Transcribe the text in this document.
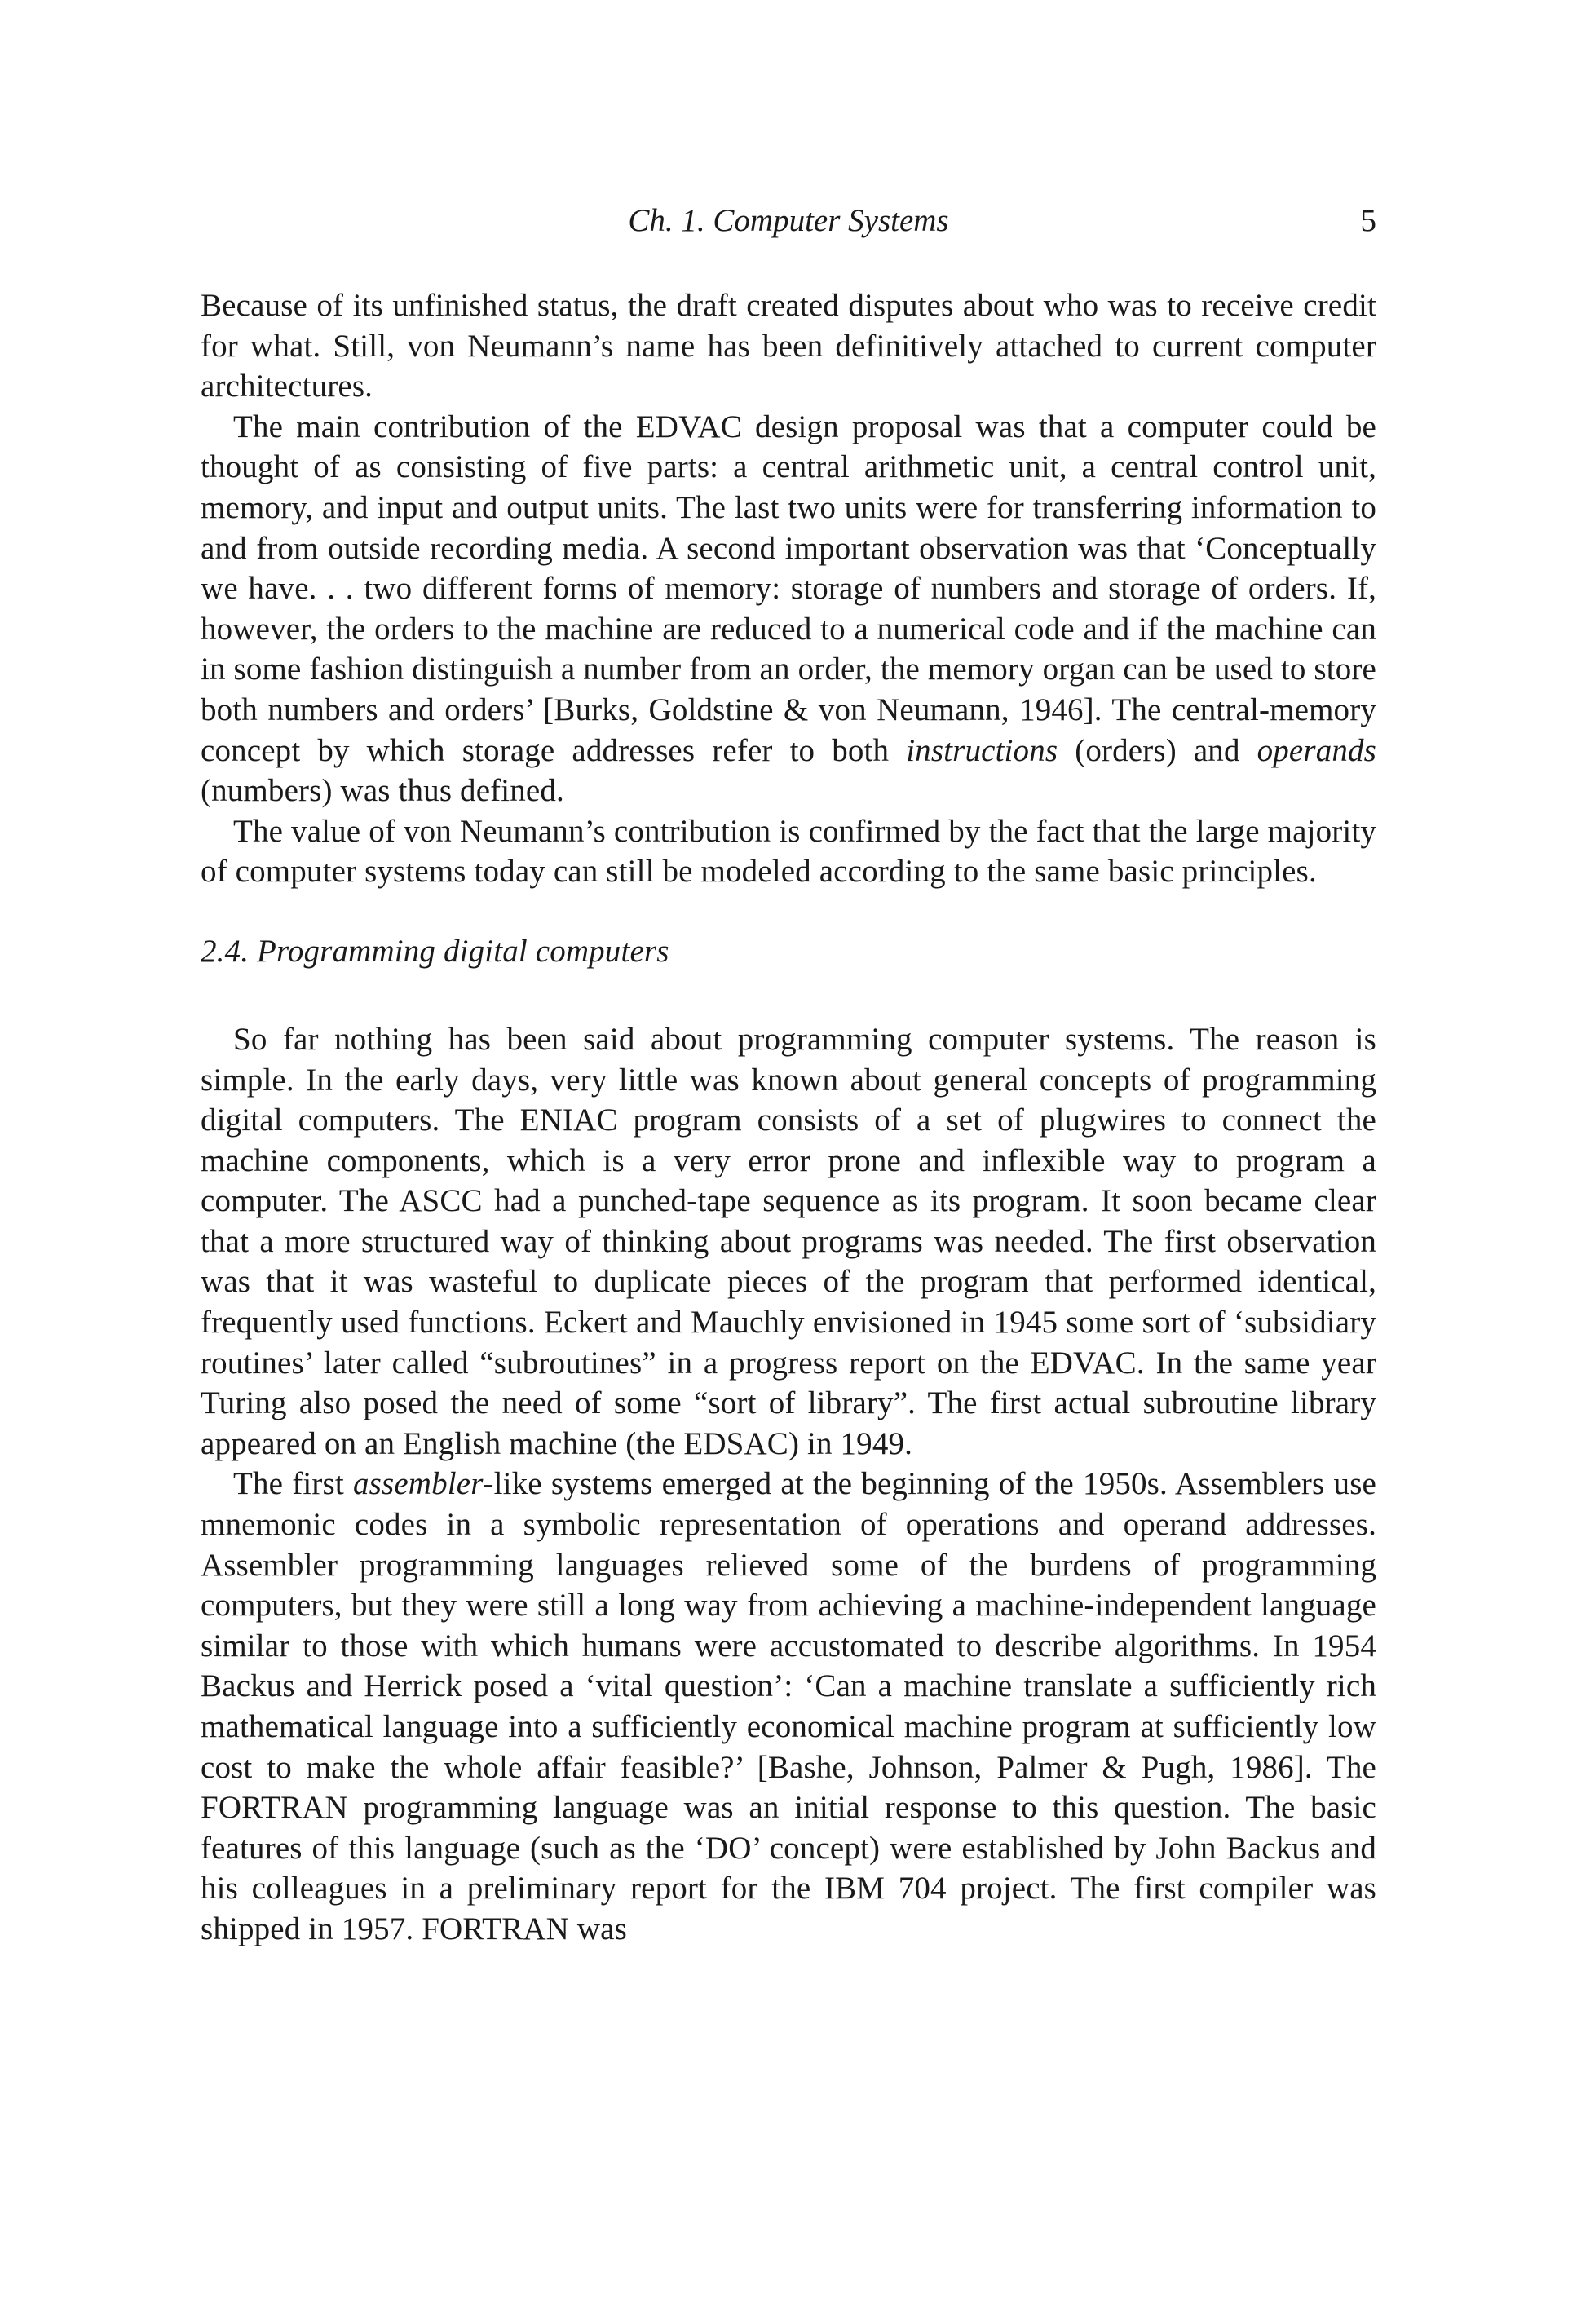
Ch. 1. Computer Systems	5

Because of its unfinished status, the draft created disputes about who was to receive credit for what. Still, von Neumann’s name has been definitively attached to current computer architectures.

The main contribution of the EDVAC design proposal was that a computer could be thought of as consisting of five parts: a central arithmetic unit, a central control unit, memory, and input and output units. The last two units were for transferring information to and from outside recording media. A second important observation was that ‘Conceptually we have. . . two different forms of memory: storage of numbers and storage of orders. If, however, the orders to the machine are reduced to a numerical code and if the machine can in some fashion distinguish a number from an order, the memory organ can be used to store both numbers and orders’ [Burks, Goldstine & von Neumann, 1946]. The central-memory concept by which storage addresses refer to both instructions (orders) and operands (numbers) was thus defined.

The value of von Neumann’s contribution is confirmed by the fact that the large majority of computer systems today can still be modeled according to the same basic principles.

2.4. Programming digital computers

So far nothing has been said about programming computer systems. The reason is simple. In the early days, very little was known about general concepts of programming digital computers. The ENIAC program consists of a set of plugwires to connect the machine components, which is a very error prone and inflexible way to program a computer. The ASCC had a punched-tape sequence as its program. It soon became clear that a more structured way of thinking about programs was needed. The first observation was that it was wasteful to duplicate pieces of the program that performed identical, frequently used functions. Eckert and Mauchly envisioned in 1945 some sort of ‘subsidiary routines’ later called “subroutines” in a progress report on the EDVAC. In the same year Turing also posed the need of some “sort of library”. The first actual subroutine library appeared on an English machine (the EDSAC) in 1949.

The first assembler-like systems emerged at the beginning of the 1950s. Assemblers use mnemonic codes in a symbolic representation of operations and operand addresses. Assembler programming languages relieved some of the burdens of programming computers, but they were still a long way from achieving a machine-independent language similar to those with which humans were accustomated to describe algorithms. In 1954 Backus and Herrick posed a ‘vital question’: ‘Can a machine translate a sufficiently rich mathematical language into a sufficiently economical machine program at sufficiently low cost to make the whole affair feasible?’ [Bashe, Johnson, Palmer & Pugh, 1986]. The FORTRAN programming language was an initial response to this question. The basic features of this language (such as the ‘DO’ concept) were established by John Backus and his colleagues in a preliminary report for the IBM 704 project. The first compiler was shipped in 1957. FORTRAN was
